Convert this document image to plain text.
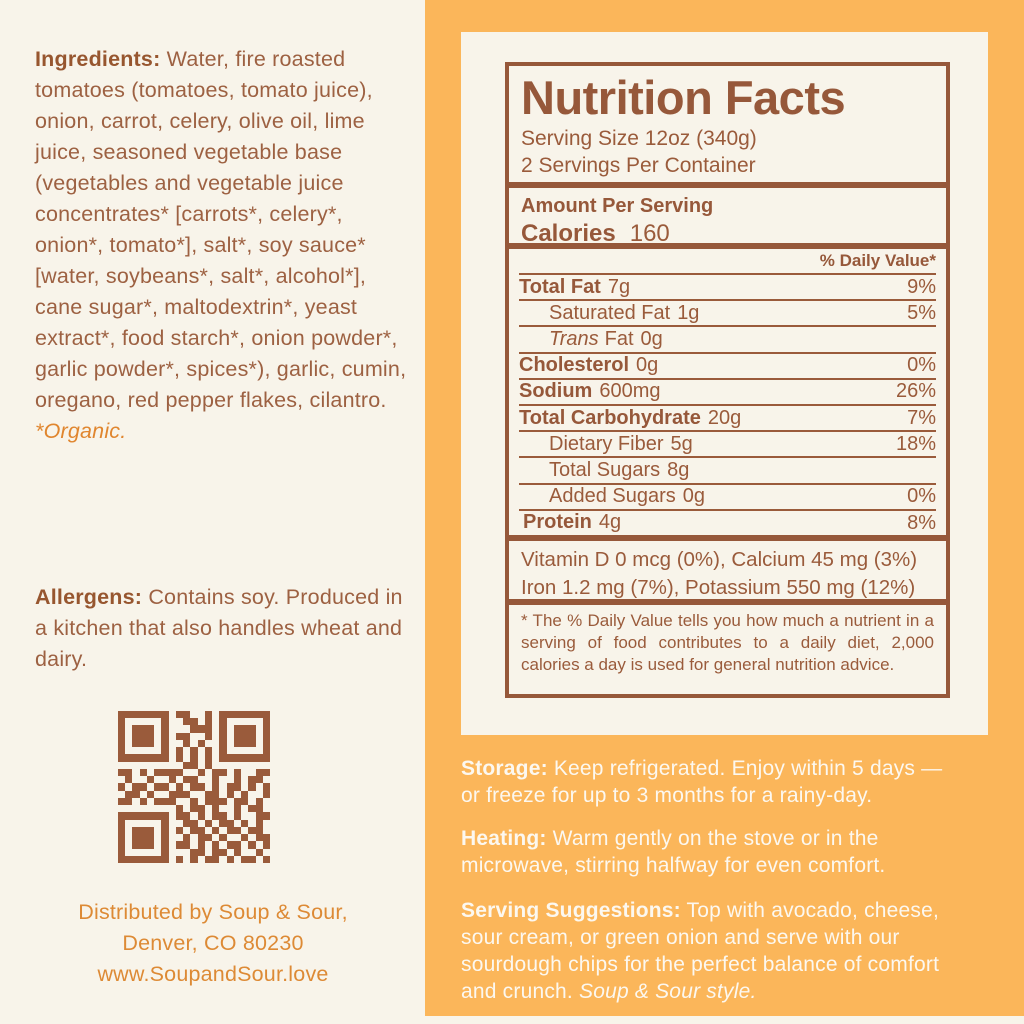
Ingredients: Water, fire roasted tomatoes (tomatoes, tomato juice), onion, carrot, celery, olive oil, lime juice, seasoned vegetable base (vegetables and vegetable juice concentrates* [carrots*, celery*, onion*, tomato*], salt*, soy sauce* [water, soybeans*, salt*, alcohol*], cane sugar*, maltodextrin*, yeast extract*, food starch*, onion powder*, garlic powder*, spices*), garlic, cumin, oregano, red pepper flakes, cilantro. *Organic.

Allergens: Contains soy. Produced in a kitchen that also handles wheat and dairy.

Distributed by Soup & Sour,
Denver, CO 80230
www.SoupandSour.love
Nutrition Facts
Serving Size 12oz (340g)
2 Servings Per Container
Amount Per Serving
Calories 160
% Daily Value*
Total Fat 7g	9%
Saturated Fat 1g	5%
Trans Fat 0g
Cholesterol 0g	0%
Sodium 600mg	26%
Total Carbohydrate 20g	7%
Dietary Fiber 5g	18%
Total Sugars 8g
Added Sugars 0g	0%
Protein 4g	8%
Vitamin D 0 mcg (0%), Calcium 45 mg (3%)
Iron 1.2 mg (7%), Potassium 550 mg (12%)
* The % Daily Value tells you how much a nutrient in a serving of food contributes to a daily diet, 2,000 calories a day is used for general nutrition advice.

Storage: Keep refrigerated. Enjoy within 5 days — or freeze for up to 3 months for a rainy-day.

Heating: Warm gently on the stove or in the microwave, stirring halfway for even comfort.

Serving Suggestions: Top with avocado, cheese, sour cream, or green onion and serve with our sourdough chips for the perfect balance of comfort and crunch. Soup & Sour style.
